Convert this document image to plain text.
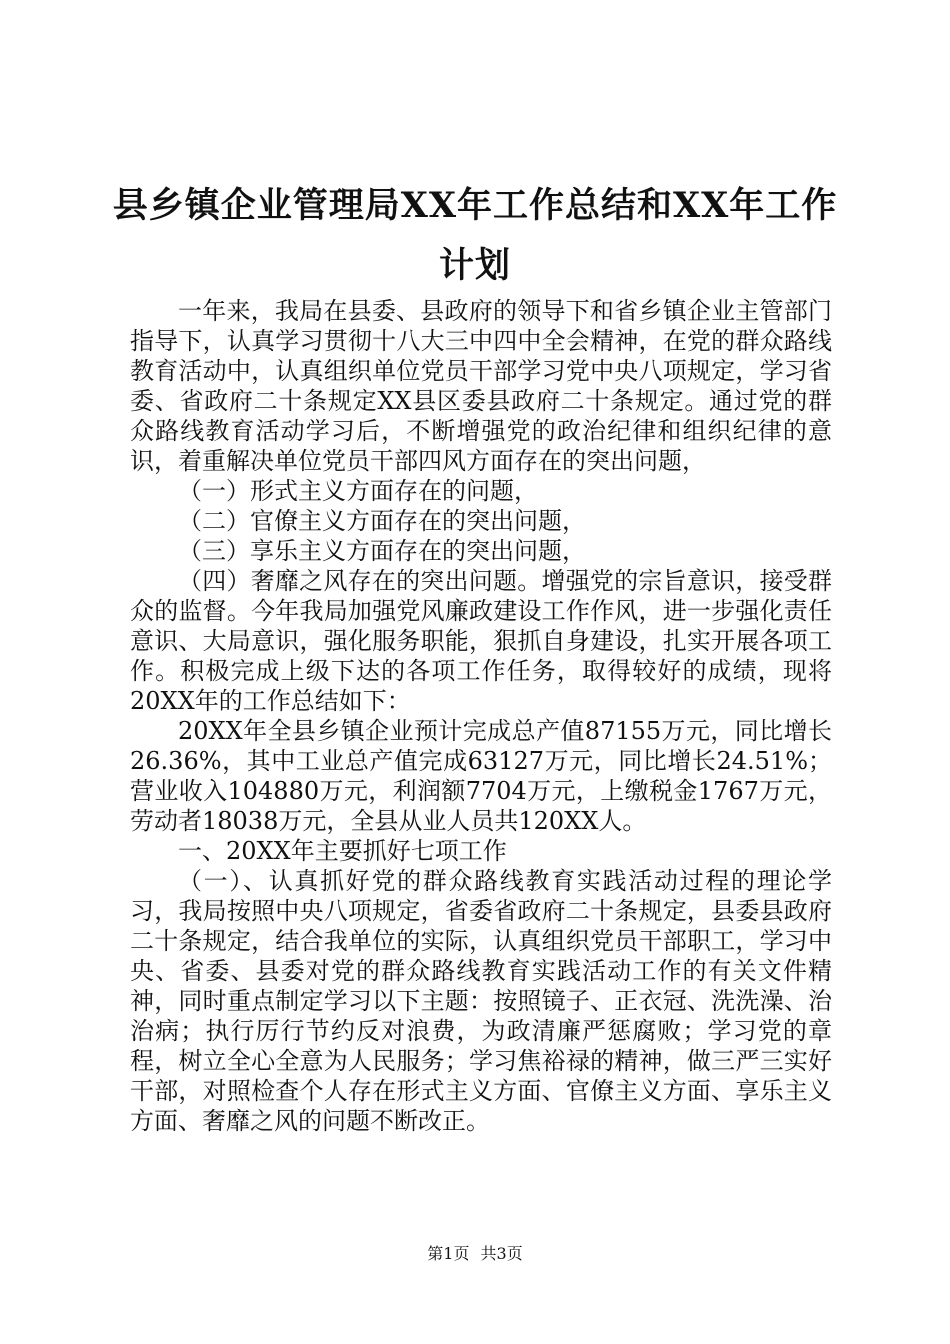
县乡镇企业管理局XX年工作总结和XX年工作计划

一年来，我局在县委、县政府的领导下和省乡镇企业主管部门指导下，认真学习贯彻十八大三中四中全会精神，在党的群众路线教育活动中，认真组织单位党员干部学习党中央八项规定，学习省委、省政府二十条规定XX县区委县政府二十条规定。通过党的群众路线教育活动学习后，不断增强党的政治纪律和组织纪律的意识，着重解决单位党员干部四风方面存在的突出问题，

（一）形式主义方面存在的问题，

（二）官僚主义方面存在的突出问题，

（三）享乐主义方面存在的突出问题，

（四）奢靡之风存在的突出问题。增强党的宗旨意识，接受群众的监督。今年我局加强党风廉政建设工作作风，进一步强化责任意识、大局意识，强化服务职能，狠抓自身建设，扎实开展各项工作。积极完成上级下达的各项工作任务，取得较好的成绩，现将20XX年的工作总结如下：

20XX年全县乡镇企业预计完成总产值87155万元，同比增长26.36%，其中工业总产值完成63127万元，同比增长24.51%；营业收入104880万元，利润额7704万元，上缴税金1767万元，劳动者18038万元，全县从业人员共120XX人。

一、20XX年主要抓好七项工作

（一）、认真抓好党的群众路线教育实践活动过程的理论学习，我局按照中央八项规定，省委省政府二十条规定，县委县政府二十条规定，结合我单位的实际，认真组织党员干部职工，学习中央、省委、县委对党的群众路线教育实践活动工作的有关文件精神，同时重点制定学习以下主题：按照镜子、正衣冠、洗洗澡、治治病；执行厉行节约反对浪费，为政清廉严惩腐败；学习党的章程，树立全心全意为人民服务；学习焦裕禄的精神，做三严三实好干部，对照检查个人存在形式主义方面、官僚主义方面、享乐主义方面、奢靡之风的问题不断改正。

第1页 共3页
